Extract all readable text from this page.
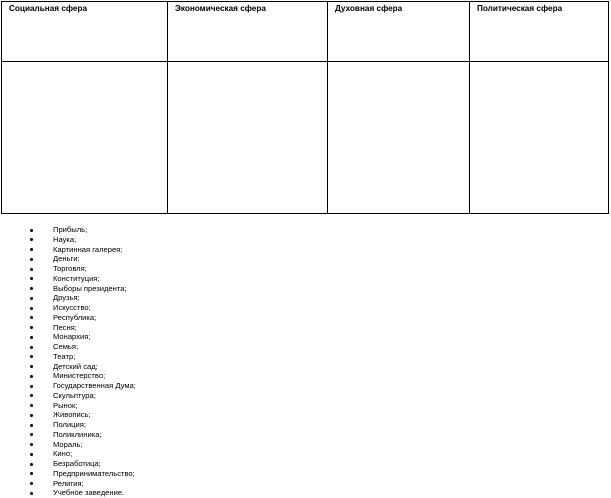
Социальная сфера	Экономическая сфера	Духовная сфера	Политическая сфера

Прибыль;
Наука;
Картинная галерея;
Деньги;
Торговля;
Конституция;
Выборы президента;
Друзья;
Искусство;
Республика;
Песня;
Монархия;
Семья;
Театр;
Детский сад;
Министерство;
Государственная Дума;
Скульптура;
Рынок;
Живопись;
Полиция;
Поликлиника;
Мораль;
Кино;
Безработица;
Предпринимательство;
Религия;
Учебное заведение.
